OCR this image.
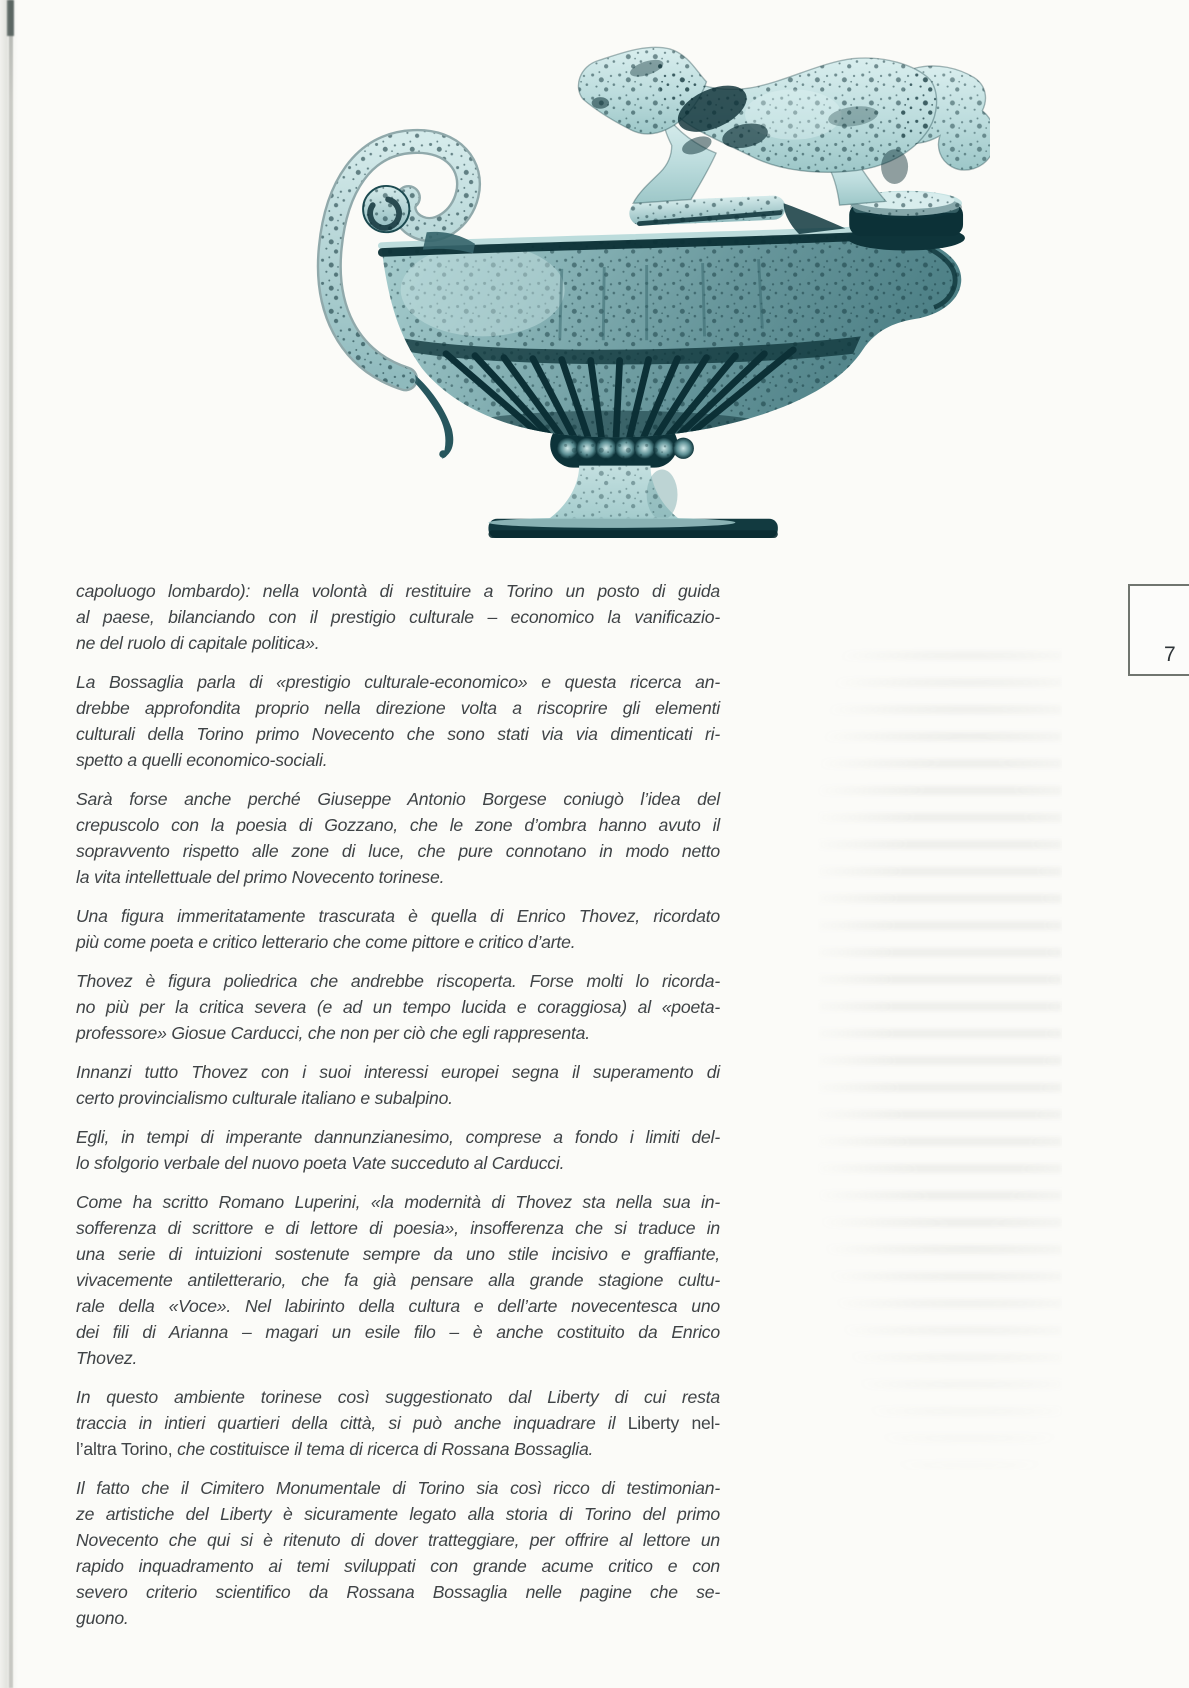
capoluogo lombardo): nella volontà di restituire a Torino un posto di guida
al paese, bilanciando con il prestigio culturale – economico la vanificazio-
ne del ruolo di capitale politica».
La Bossaglia parla di «prestigio culturale-economico» e questa ricerca an-
drebbe approfondita proprio nella direzione volta a riscoprire gli elementi
culturali della Torino primo Novecento che sono stati via via dimenticati ri-
spetto a quelli economico-sociali.
Sarà forse anche perché Giuseppe Antonio Borgese coniugò l’idea del
crepuscolo con la poesia di Gozzano, che le zone d’ombra hanno avuto il
sopravvento rispetto alle zone di luce, che pure connotano in modo netto
la vita intellettuale del primo Novecento torinese.
Una figura immeritatamente trascurata è quella di Enrico Thovez, ricordato
più come poeta e critico letterario che come pittore e critico d’arte.
Thovez è figura poliedrica che andrebbe riscoperta. Forse molti lo ricorda-
no più per la critica severa (e ad un tempo lucida e coraggiosa) al «poeta-
professore» Giosue Carducci, che non per ciò che egli rappresenta.
Innanzi tutto Thovez con i suoi interessi europei segna il superamento di
certo provincialismo culturale italiano e subalpino.
Egli, in tempi di imperante dannunzianesimo, comprese a fondo i limiti del-
lo sfolgorio verbale del nuovo poeta Vate succeduto al Carducci.
Come ha scritto Romano Luperini, «la modernità di Thovez sta nella sua in-
sofferenza di scrittore e di lettore di poesia», insofferenza che si traduce in
una serie di intuizioni sostenute sempre da uno stile incisivo e graffiante,
vivacemente antiletterario, che fa già pensare alla grande stagione cultu-
rale della «Voce». Nel labirinto della cultura e dell’arte novecentesca uno
dei fili di Arianna – magari un esile filo – è anche costituito da Enrico
Thovez.
In questo ambiente torinese così suggestionato dal Liberty di cui resta
traccia in intieri quartieri della città, si può anche inquadrare il Liberty nel-
l’altra Torino, che costituisce il tema di ricerca di Rossana Bossaglia.
Il fatto che il Cimitero Monumentale di Torino sia così ricco di testimonian-
ze artistiche del Liberty è sicuramente legato alla storia di Torino del primo
Novecento che qui si è ritenuto di dover tratteggiare, per offrire al lettore un
rapido inquadramento ai temi sviluppati con grande acume critico e con
severo criterio scientifico da Rossana Bossaglia nelle pagine che se-
guono.
7
